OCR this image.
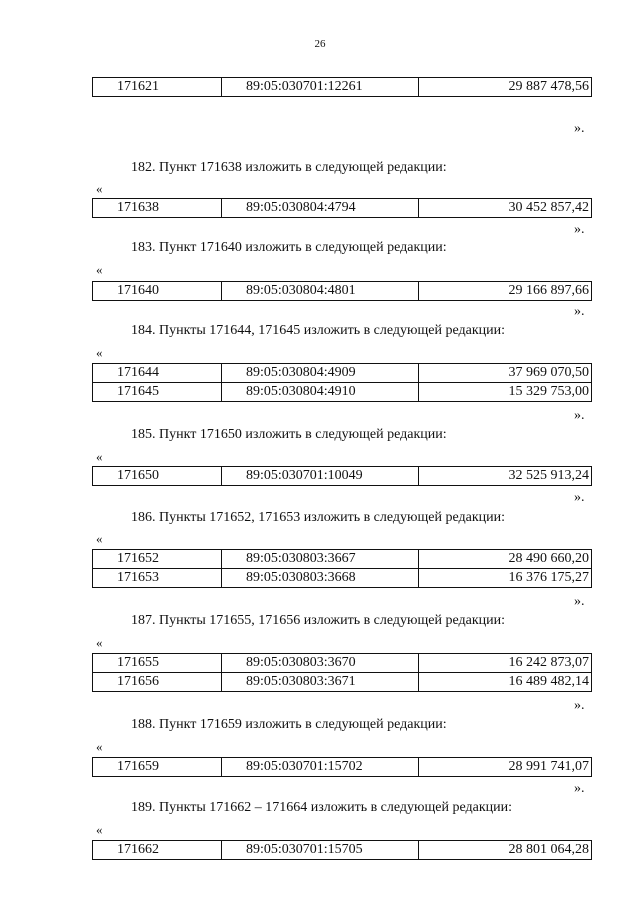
26
171621	89:05:030701:12261	29 887 478,56
».
182. Пункт 171638 изложить в следующей редакции:
«
171638	89:05:030804:4794	30 452 857,42
».
183. Пункт 171640 изложить в следующей редакции:
«
171640	89:05:030804:4801	29 166 897,66
».
184. Пункты 171644, 171645 изложить в следующей редакции:
«
171644	89:05:030804:4909	37 969 070,50
171645	89:05:030804:4910	15 329 753,00
».
185. Пункт 171650 изложить в следующей редакции:
«
171650	89:05:030701:10049	32 525 913,24
».
186. Пункты 171652, 171653 изложить в следующей редакции:
«
171652	89:05:030803:3667	28 490 660,20
171653	89:05:030803:3668	16 376 175,27
».
187. Пункты 171655, 171656 изложить в следующей редакции:
«
171655	89:05:030803:3670	16 242 873,07
171656	89:05:030803:3671	16 489 482,14
».
188. Пункт 171659 изложить в следующей редакции:
«
171659	89:05:030701:15702	28 991 741,07
».
189. Пункты 171662 – 171664 изложить в следующей редакции:
«
171662	89:05:030701:15705	28 801 064,28
